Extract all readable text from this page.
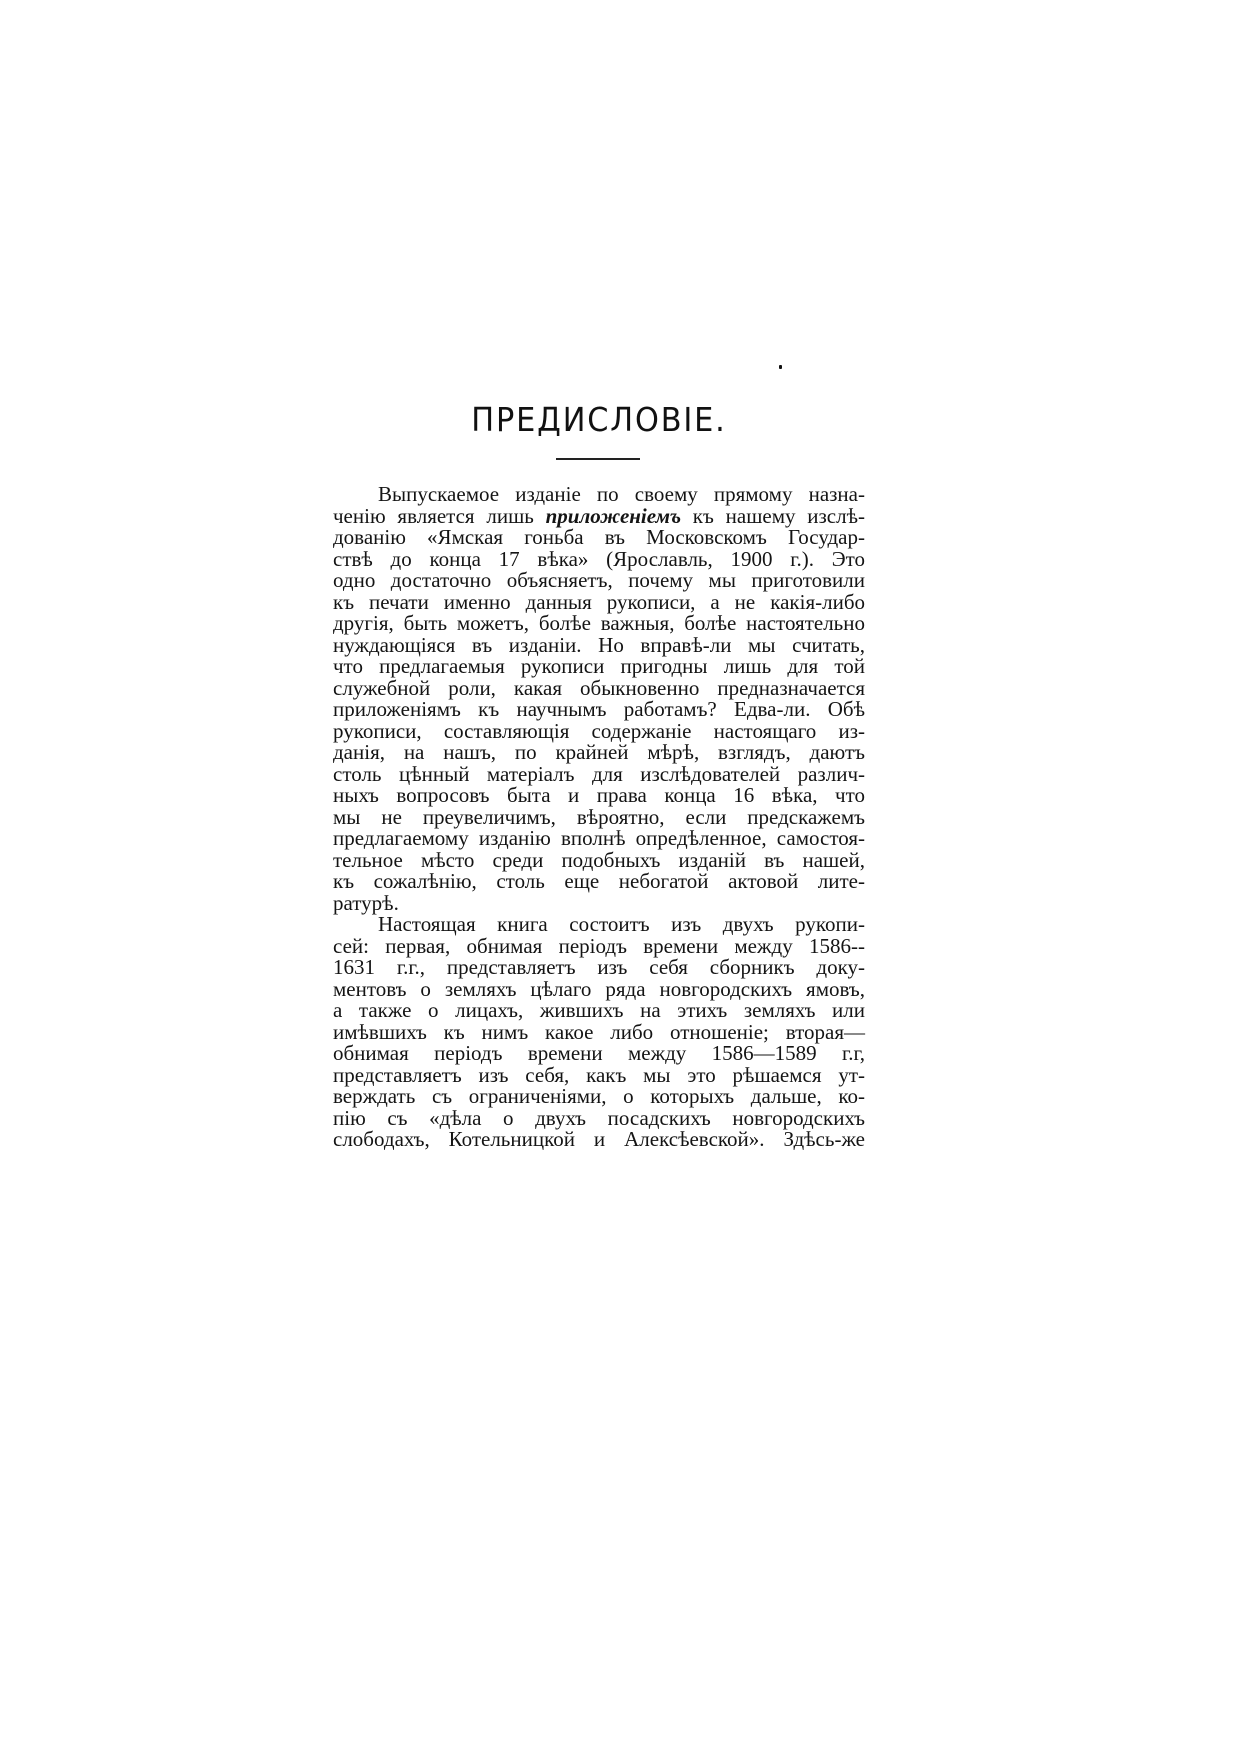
ПРЕДИСЛОВІЕ.
Выпускаемое изданіе по своему прямому назна-
ченію является лишь приложеніемъ къ нашему изслѣ-
дованію «Ямская гоньба въ Московскомъ Государ-
ствѣ до конца 17 вѣка» (Ярославль, 1900 г.). Это
одно достаточно объясняетъ, почему мы приготовили
къ печати именно данныя рукописи, а не какія-либо
другія, быть можетъ, болѣе важныя, болѣе настоятельно
нуждающіяся въ изданіи. Но вправѣ-ли мы считать,
что предлагаемыя рукописи пригодны лишь для той
служебной роли, какая обыкновенно предназначается
приложеніямъ къ научнымъ работамъ? Едва-ли. Обѣ
рукописи, составляющія содержаніе настоящаго из-
данія, на нашъ, по крайней мѣрѣ, взглядъ, даютъ
столь цѣнный матеріалъ для изслѣдователей различ-
ныхъ вопросовъ быта и права конца 16 вѣка, что
мы не преувеличимъ, вѣроятно, если предскажемъ
предлагаемому изданію вполнѣ опредѣленное, самостоя-
тельное мѣсто среди подобныхъ изданій въ нашей,
къ сожалѣнію, столь еще небогатой актовой лите-
ратурѣ.
Настоящая книга состоитъ изъ двухъ рукопи-
сей: первая, обнимая періодъ времени между 1586--
1631 г.г., представляетъ изъ себя сборникъ доку-
ментовъ о земляхъ цѣлаго ряда новгородскихъ ямовъ,
а также о лицахъ, жившихъ на этихъ земляхъ или
имѣвшихъ къ нимъ какое либо отношеніе; вторая—
обнимая періодъ времени между 1586—1589 г.г,
представляетъ изъ себя, какъ мы это рѣшаемся ут-
верждать съ ограниченіями, о которыхъ дальше, ко-
пію съ «дѣла о двухъ посадскихъ новгородскихъ
слободахъ, Котельницкой и Алексѣевской». Здѣсь-же
